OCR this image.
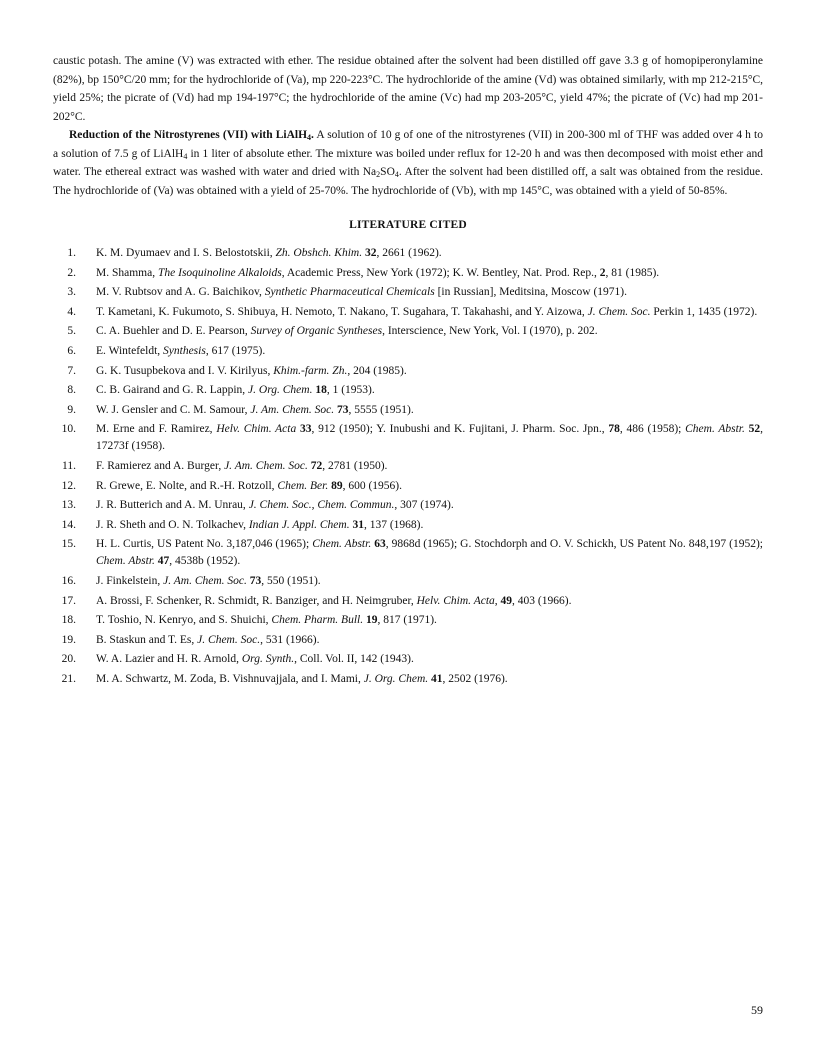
caustic potash. The amine (V) was extracted with ether. The residue obtained after the solvent had been distilled off gave 3.3 g of homopiperonylamine (82%), bp 150°C/20 mm; for the hydrochloride of (Va), mp 220-223°C. The hydrochloride of the amine (Vd) was obtained similarly, with mp 212-215°C, yield 25%; the picrate of (Vd) had mp 194-197°C; the hydrochloride of the amine (Vc) had mp 203-205°C, yield 47%; the picrate of (Vc) had mp 201-202°C.

Reduction of the Nitrostyrenes (VII) with LiAlH$_4$. A solution of 10 g of one of the nitrostyrenes (VII) in 200-300 ml of THF was added over 4 h to a solution of 7.5 g of LiAlH$_4$ in 1 liter of absolute ether. The mixture was boiled under reflux for 12-20 h and was then decomposed with moist ether and water. The ethereal extract was washed with water and dried with $Na_2SO_4$. After the solvent had been distilled off, a salt was obtained from the residue. The hydrochloride of (Va) was obtained with a yield of 25-70%. The hydrochloride of (Vb), with mp 145°C, was obtained with a yield of 50-85%.

LITERATURE CITED
1. K. M. Dyumaev and I. S. Belostotskii, Zh. Obshch. Khim. 32, 2661 (1962).
2. M. Shamma, The Isoquinoline Alkaloids, Academic Press, New York (1972); K. W. Bentley, Nat. Prod. Rep., 2, 81 (1985).
3. M. V. Rubtsov and A. G. Baichikov, Synthetic Pharmaceutical Chemicals [in Russian], Meditsina, Moscow (1971).
4. T. Kametani, K. Fukumoto, S. Shibuya, H. Nemoto, T. Nakano, T. Sugahara, T. Takahashi, and Y. Aizowa, J. Chem. Soc. Perkin 1, 1435 (1972).
5. C. A. Buehler and D. E. Pearson, Survey of Organic Syntheses, Interscience, New York, Vol. I (1970), p. 202.
6. E. Wintefeldt, Synthesis, 617 (1975).
7. G. K. Tusupbekova and I. V. Kirilyus, Khim.-farm. Zh., 204 (1985).
8. C. B. Gairand and G. R. Lappin, J. Org. Chem. 18, 1 (1953).
9. W. J. Gensler and C. M. Samour, J. Am. Chem. Soc. 73, 5555 (1951).
10. M. Erne and F. Ramirez, Helv. Chim. Acta 33, 912 (1950); Y. Inubushi and K. Fujitani, J. Pharm. Soc. Jpn., 78, 486 (1958); Chem. Abstr. 52, 17273f (1958).
11. F. Ramierez and A. Burger, J. Am. Chem. Soc. 72, 2781 (1950).
12. R. Grewe, E. Nolte, and R.-H. Rotzoll, Chem. Ber. 89, 600 (1956).
13. J. R. Butterich and A. M. Unrau, J. Chem. Soc., Chem. Commun., 307 (1974).
14. J. R. Sheth and O. N. Tolkachev, Indian J. Appl. Chem. 31, 137 (1968).
15. H. L. Curtis, US Patent No. 3,187,046 (1965); Chem. Abstr. 63, 9868d (1965); G. Stochdorph and O. V. Schickh, US Patent No. 848,197 (1952); Chem. Abstr. 47, 4538b (1952).
16. J. Finkelstein, J. Am. Chem. Soc. 73, 550 (1951).
17. A. Brossi, F. Schenker, R. Schmidt, R. Banziger, and H. Neimgruber, Helv. Chim. Acta, 49, 403 (1966).
18. T. Toshio, N. Kenryo, and S. Shuichi, Chem. Pharm. Bull. 19, 817 (1971).
19. B. Staskun and T. Es, J. Chem. Soc., 531 (1966).
20. W. A. Lazier and H. R. Arnold, Org. Synth., Coll. Vol. II, 142 (1943).
21. M. A. Schwartz, M. Zoda, B. Vishnuvajjala, and I. Mami, J. Org. Chem. 41, 2502 (1976).
59
